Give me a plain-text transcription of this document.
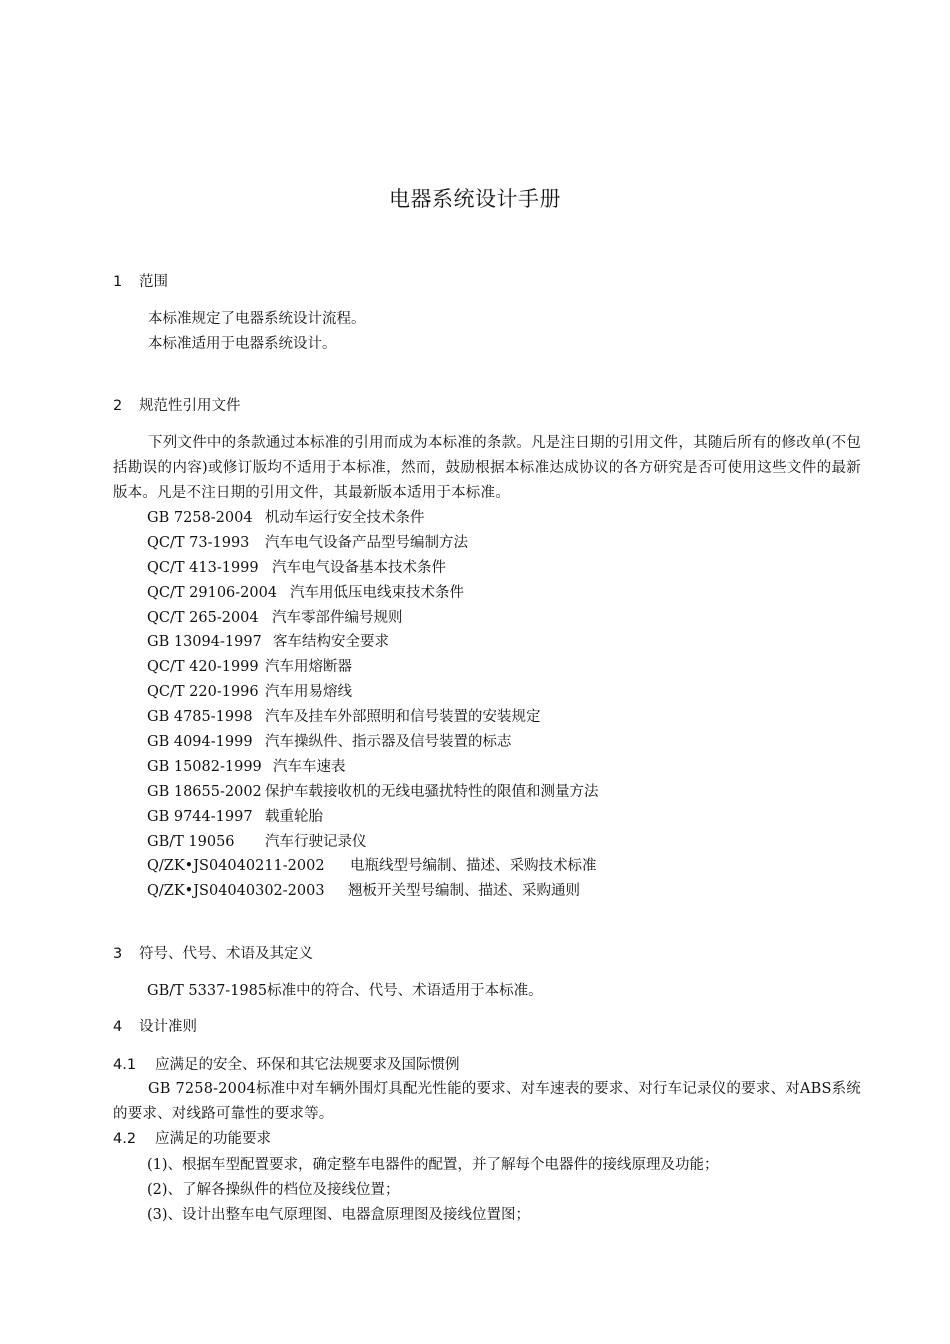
电器系统设计手册
1 范围
本标准规定了电器系统设计流程。
本标准适用于电器系统设计。
2 规范性引用文件
下列文件中的条款通过本标准的引用而成为本标准的条款。凡是注日期的引用文件，其随后所有的修改单(不包括勘误的内容)或修订版均不适用于本标准，然而，鼓励根据本标准达成协议的各方研究是否可使用这些文件的最新版本。凡是不注日期的引用文件，其最新版本适用于本标准。
GB 7258-2004 机动车运行安全技术条件
QC/T 73-1993 汽车电气设备产品型号编制方法
QC/T 413-1999 汽车电气设备基本技术条件
QC/T 29106-2004 汽车用低压电线束技术条件
QC/T 265-2004 汽车零部件编号规则
GB 13094-1997 客车结构安全要求
QC/T 420-1999 汽车用熔断器
QC/T 220-1996 汽车用易熔线
GB 4785-1998 汽车及挂车外部照明和信号装置的安装规定
GB 4094-1999 汽车操纵件、指示器及信号装置的标志
GB 15082-1999 汽车车速表
GB 18655-2002 保护车载接收机的无线电骚扰特性的限值和测量方法
GB 9744-1997 载重轮胎
GB/T 19056 汽车行驶记录仪
Q/ZK•JS04040211-2002 电瓶线型号编制、描述、采购技术标准
Q/ZK•JS04040302-2003 翘板开关型号编制、描述、采购通则
3 符号、代号、术语及其定义
GB/T 5337-1985标准中的符合、代号、术语适用于本标准。
4 设计准则
4.1 应满足的安全、环保和其它法规要求及国际惯例
GB 7258-2004标准中对车辆外围灯具配光性能的要求、对车速表的要求、对行车记录仪的要求、对ABS系统的要求、对线路可靠性的要求等。
4.2 应满足的功能要求
(1)、根据车型配置要求，确定整车电器件的配置，并了解每个电器件的接线原理及功能；
(2)、了解各操纵件的档位及接线位置；
(3)、设计出整车电气原理图、电器盒原理图及接线位置图；
